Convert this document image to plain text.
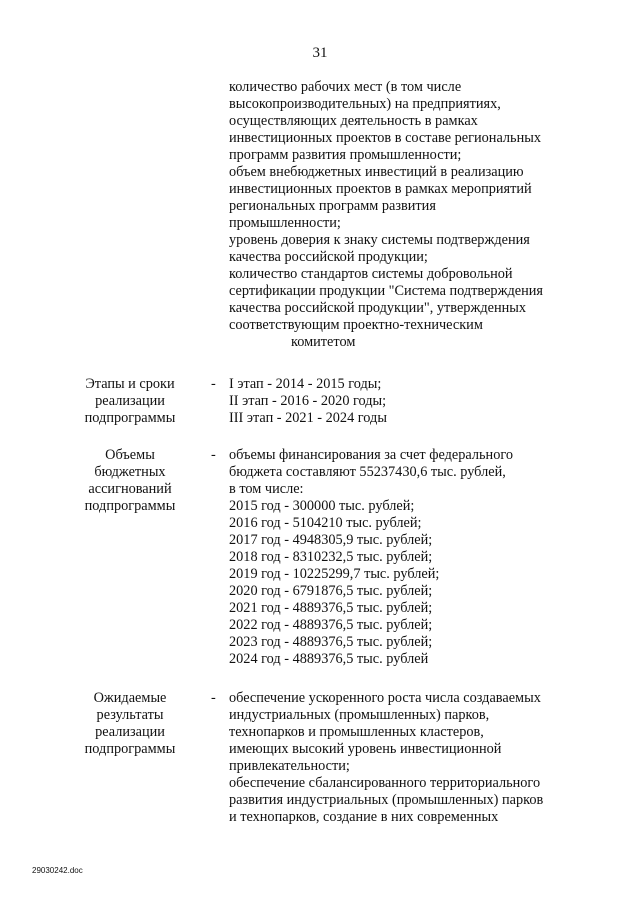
31
количество рабочих мест (в том числе
высокопроизводительных) на предприятиях,
осуществляющих деятельность в рамках
инвестиционных проектов в составе региональных
программ развития промышленности;
объем внебюджетных инвестиций в реализацию
инвестиционных проектов в рамках мероприятий
региональных программ развития
промышленности;
уровень доверия к знаку системы подтверждения
качества российской продукции;
количество стандартов системы добровольной
сертификации продукции "Система подтверждения
качества российской продукции", утвержденных
соответствующим проектно-техническим
комитетом
Этапы и сроки
реализации
подпрограммы
- I этап - 2014 - 2015 годы;
II этап - 2016 - 2020 годы;
III этап - 2021 - 2024 годы
Объемы
бюджетных
ассигнований
подпрограммы
- объемы финансирования за счет федерального
бюджета составляют 55237430,6 тыс. рублей,
в том числе:
2015 год - 300000 тыс. рублей;
2016 год - 5104210 тыс. рублей;
2017 год - 4948305,9 тыс. рублей;
2018 год - 8310232,5 тыс. рублей;
2019 год - 10225299,7 тыс. рублей;
2020 год - 6791876,5 тыс. рублей;
2021 год - 4889376,5 тыс. рублей;
2022 год - 4889376,5 тыс. рублей;
2023 год - 4889376,5 тыс. рублей;
2024 год - 4889376,5 тыс. рублей
Ожидаемые
результаты
реализации
подпрограммы
- обеспечение ускоренного роста числа создаваемых
индустриальных (промышленных) парков,
технопарков и промышленных кластеров,
имеющих высокий уровень инвестиционной
привлекательности;
обеспечение сбалансированного территориального
развития индустриальных (промышленных) парков
и технопарков, создание в них современных
29030242.doc
